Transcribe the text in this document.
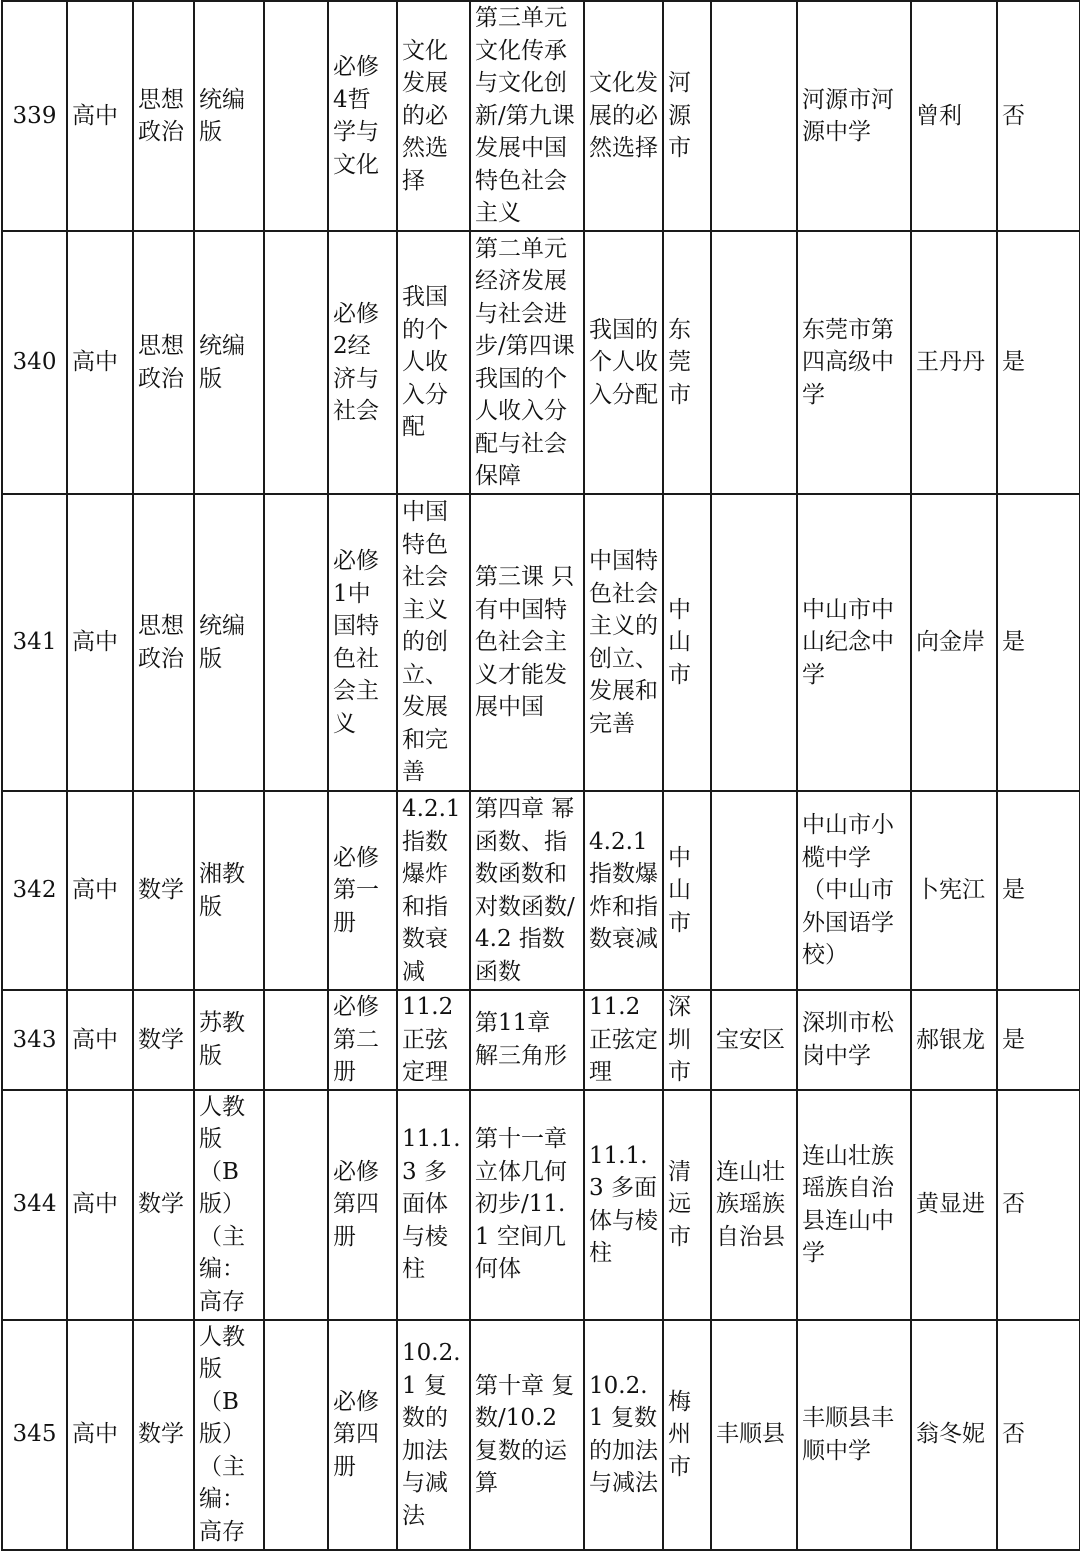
339	高中	思想政治	统编版		必修4哲学与文化	文化发展的必然选择	第三单元文化传承与文化创新/第九课 发展中国特色社会主义	文化发展的必然选择	河源市		河源市河源中学	曾利	否
340	高中	思想政治	统编版		必修2经济与社会	我国的个人收入分配	第二单元经济发展与社会进步/第四课 我国的个人收入分配与社会保障	我国的个人收入分配	东莞市		东莞市第四高级中学	王丹丹	是
341	高中	思想政治	统编版		必修1中国特色社会主义	中国特色社会主义的创立、发展和完善	第三课 只有中国特色社会主义才能发展中国	中国特色社会主义的创立、发展和完善	中山市		中山市中山纪念中学	向金岸	是
342	高中	数学	湘教版		必修第一册	4.2.1指数爆炸和指数衰减	第四章 幂函数、指数函数和对数函数/4.2 指数函数	4.2.1指数爆炸和指数衰减	中山市		中山市小榄中学（中山市外国语学校）	卜宪江	是
343	高中	数学	苏教版		必修第二册	11.2 正弦定理	第11章 解三角形	11.2 正弦定理	深圳市	宝安区	深圳市松岗中学	郝银龙	是
344	高中	数学	人教版（B版）（主编：高存		必修第四册	11.1.3 多面体与棱柱	第十一章 立体几何初步/11.1 空间几何体	11.1.3 多面体与棱柱	清远市	连山壮族瑶族自治县	连山壮族瑶族自治县连山中学	黄显进	否
345	高中	数学	人教版（B版）（主编：高存		必修第四册	10.2.1 复数的加法与减法	第十章 复数/10.2 复数的运算	10.2.1 复数的加法与减法	梅州市	丰顺县	丰顺县丰顺中学	翁冬妮	否
